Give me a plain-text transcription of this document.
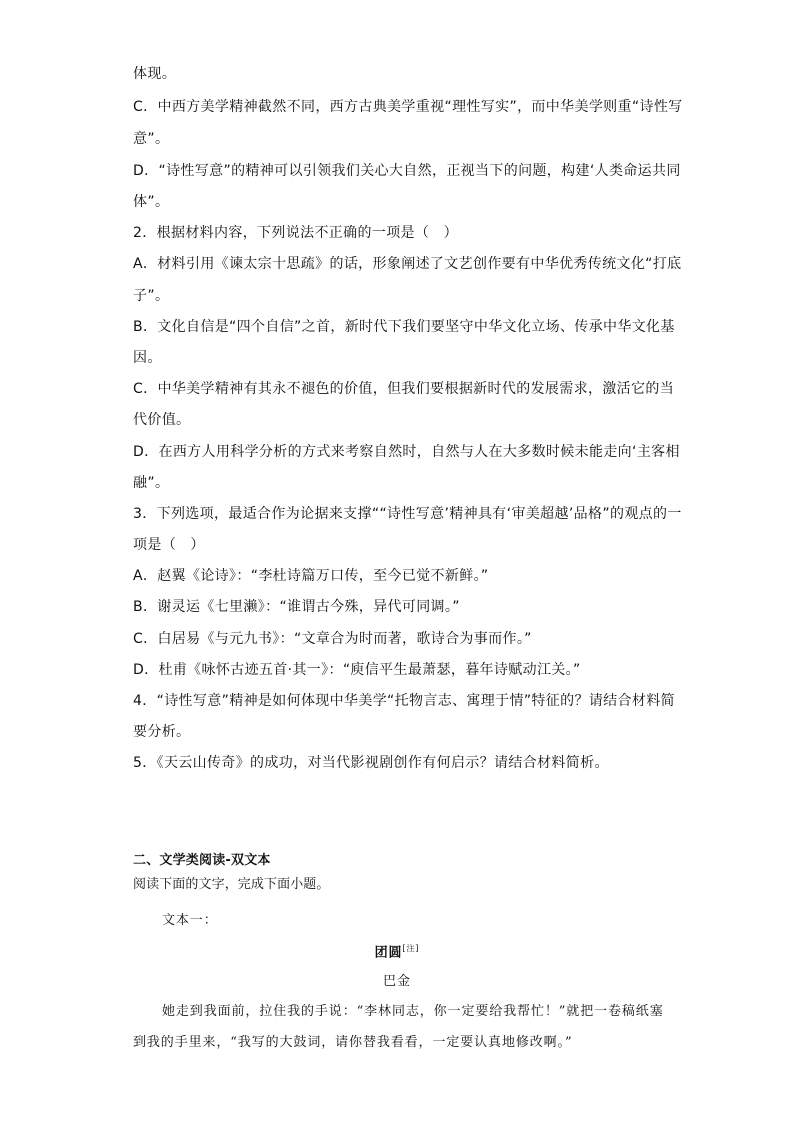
体现。
C．中西方美学精神截然不同，西方古典美学重视“理性写实”，而中华美学则重“诗性写
意”。
D．“诗性写意”的精神可以引领我们关心大自然，正视当下的问题，构建‘人类命运共同
体”。
2．根据材料内容，下列说法不正确的一项是（　）
A．材料引用《谏太宗十思疏》的话，形象阐述了文艺创作要有中华优秀传统文化“打底
子”。
B．文化自信是“四个自信”之首，新时代下我们要坚守中华文化立场、传承中华文化基
因。
C．中华美学精神有其永不褪色的价值，但我们要根据新时代的发展需求，激活它的当
代价值。
D．在西方人用科学分析的方式来考察自然时，自然与人在大多数时候未能走向‘主客相
融”。
3．下列选项，最适合作为论据来支撑““诗性写意’精神具有‘审美超越’品格”的观点的一
项是（　）
A．赵翼《论诗》：“李杜诗篇万口传，至今已觉不新鲜。”
B．谢灵运《七里濑》：“谁谓古今殊，异代可同调。”
C．白居易《与元九书》：“文章合为时而著，歌诗合为事而作。”
D．杜甫《咏怀古迹五首·其一》：“庾信平生最萧瑟，暮年诗赋动江关。”
4．“诗性写意”精神是如何体现中华美学“托物言志、寓理于情”特征的？请结合材料简
要分析。
5．《天云山传奇》的成功，对当代影视剧创作有何启示？请结合材料简析。
二、文学类阅读-双文本
阅读下面的文字，完成下面小题。
文本一：
团圆[注]
巴金
她走到我面前，拉住我的手说：“李林同志，你一定要给我帮忙！”就把一卷稿纸塞
到我的手里来，“我写的大鼓词，请你替我看看，一定要认真地修改啊。”
